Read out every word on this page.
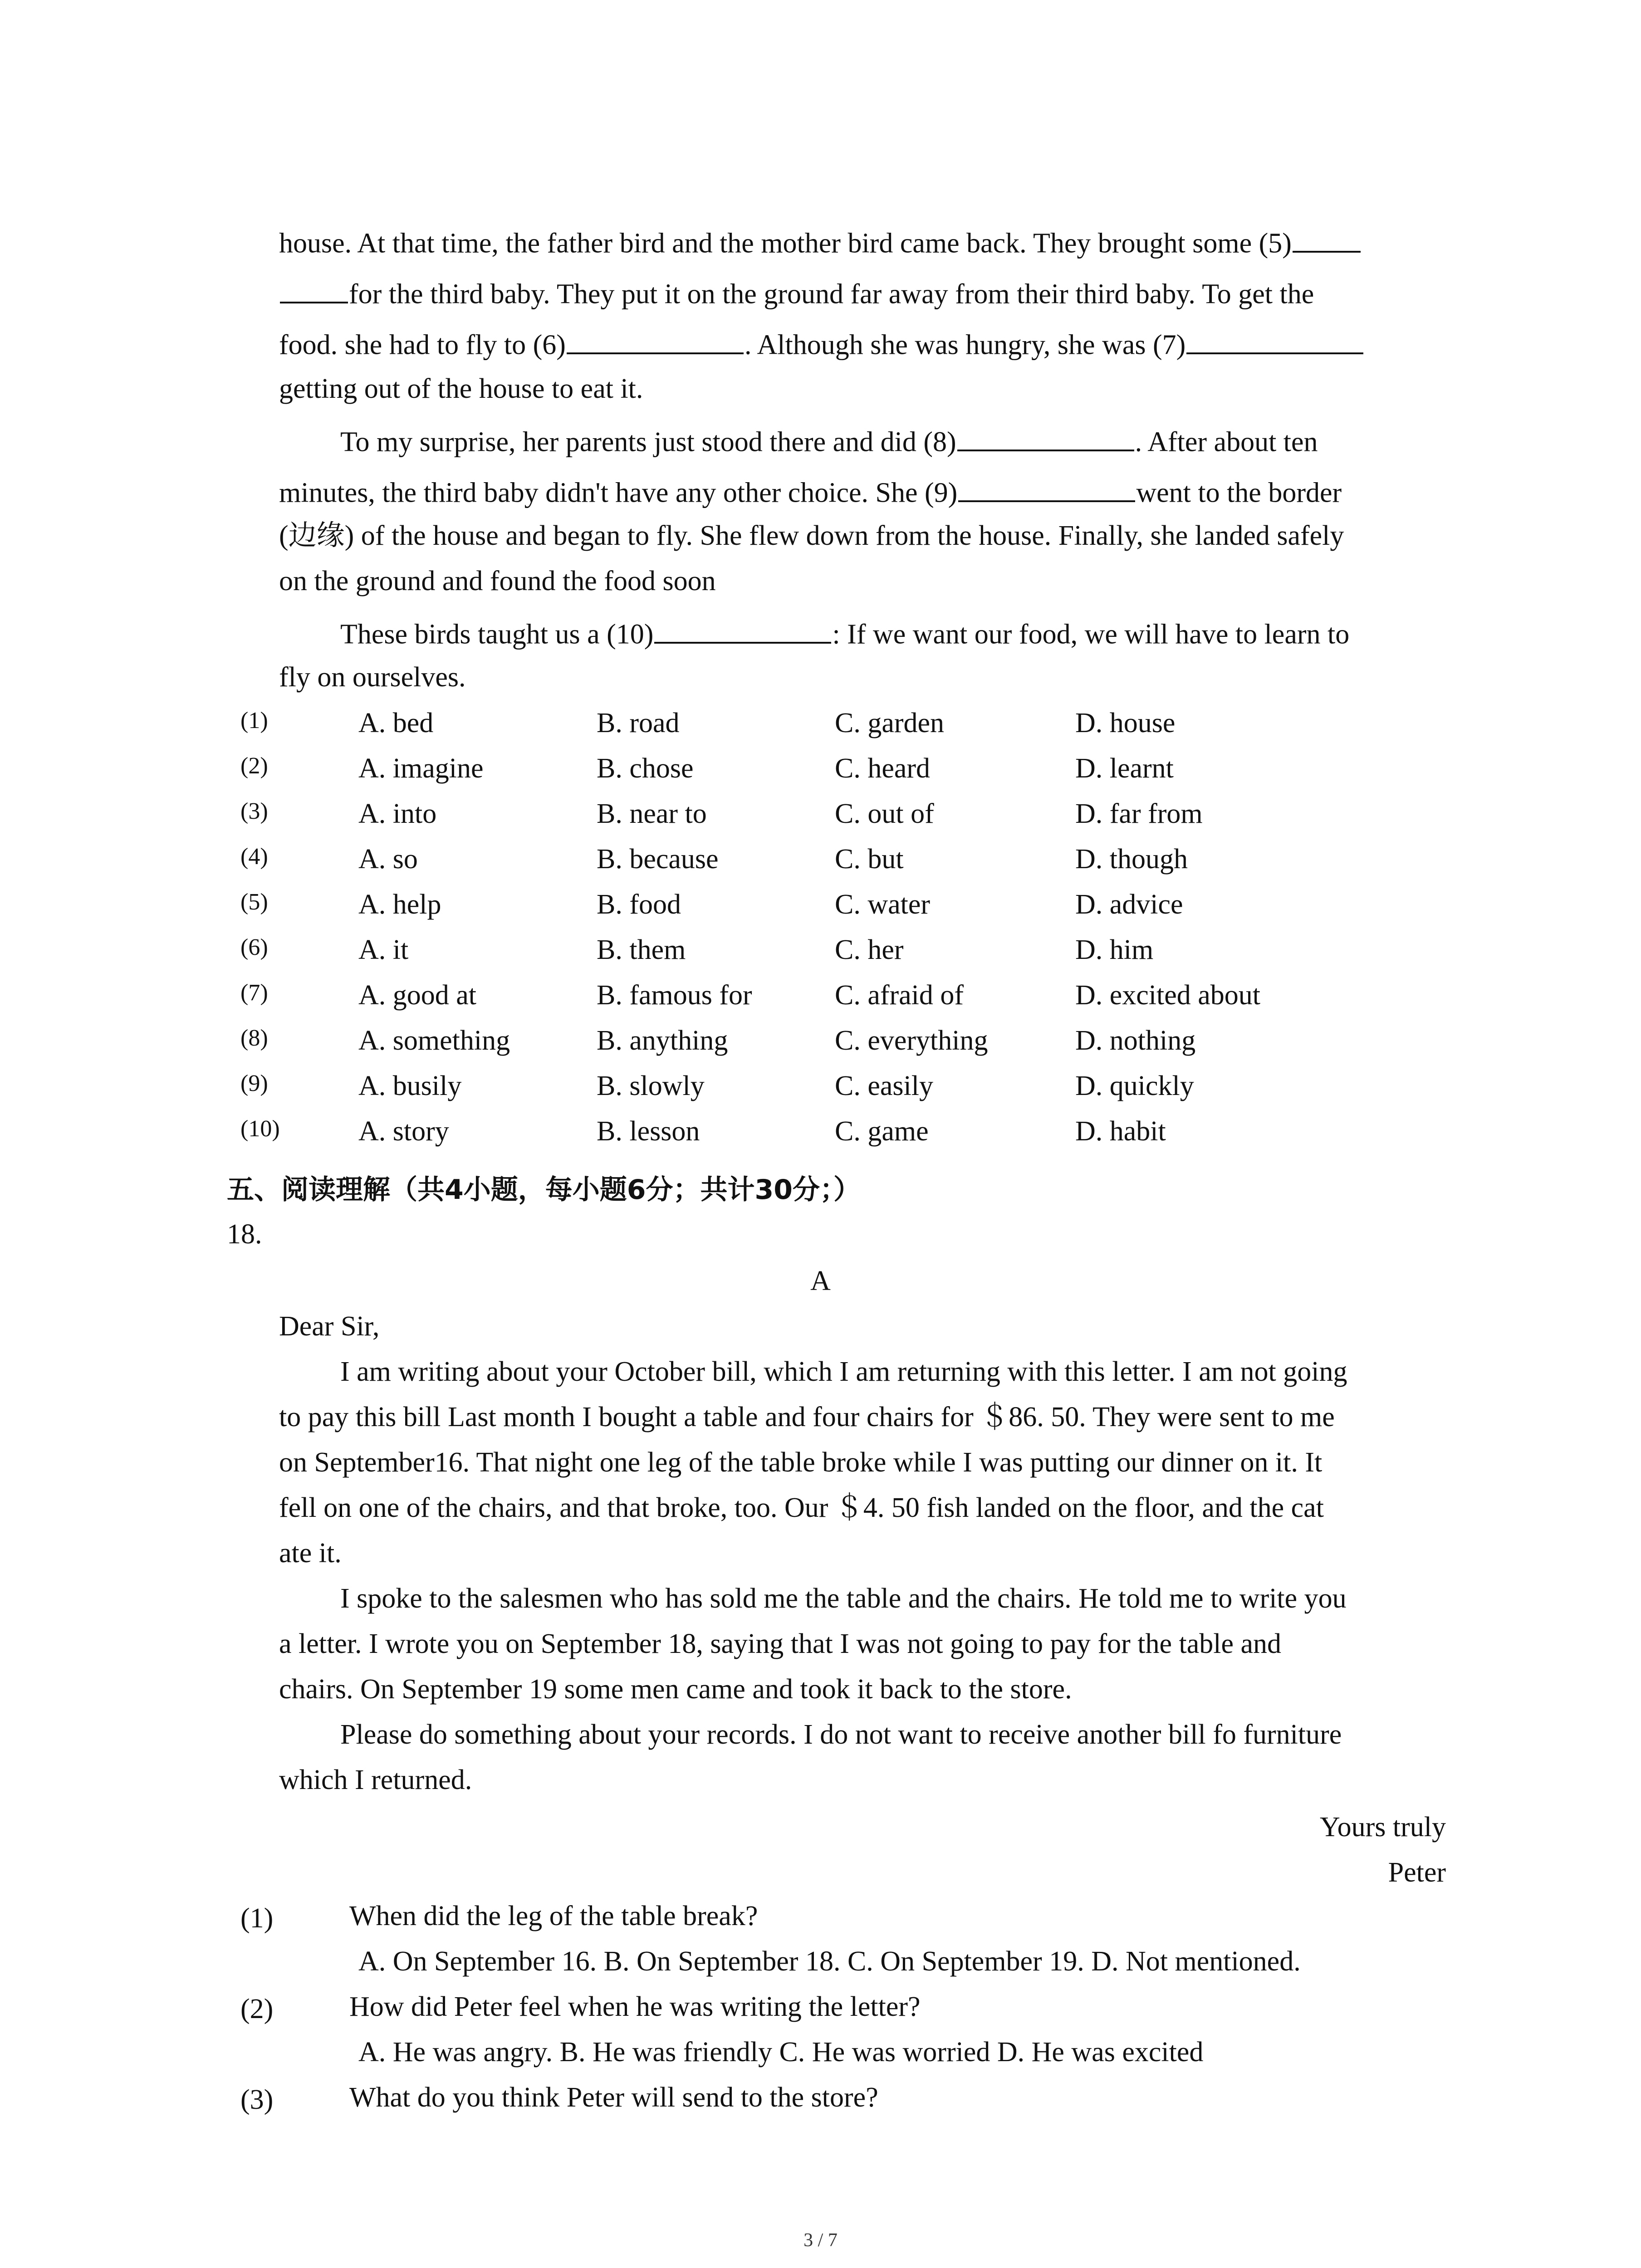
house. At that time, the father bird and the mother bird came back. They brought some (5)
for the third baby. They put it on the ground far away from their third baby. To get the
food. she had to fly to (6)	. Although she was hungry, she was (7)
getting out of the house to eat it.
To my surprise, her parents just stood there and did (8)	. After about ten
minutes, the third baby didn't have any other choice. She (9)	went to the border
(边缘) of the house and began to fly. She flew down from the house. Finally, she landed safely
on the ground and found the food soon
These birds taught us a (10)	: If we want our food, we will have to learn to
fly on ourselves.
(1)	A. bed	B. road	C. garden	D. house
(2)	A. imagine	B. chose	C. heard	D. learnt
(3)	A. into	B. near to	C. out of	D. far from
(4)	A. so	B. because	C. but	D. though
(5)	A. help	B. food	C. water	D. advice
(6)	A. it	B. them	C. her	D. him
(7)	A. good at	B. famous for	C. afraid of	D. excited about
(8)	A. something	B. anything	C. everything	D. nothing
(9)	A. busily	B. slowly	C. easily	D. quickly
(10)	A. story	B. lesson	C. game	D. habit
五、阅读理解（共4小题，每小题6分；共计30分；）
18.
A
Dear Sir,
I am writing about your October bill, which I am returning with this letter. I am not going
to pay this bill Last month I bought a table and four chairs for ＄86. 50. They were sent to me
on September16. That night one leg of the table broke while I was putting our dinner on it. It
fell on one of the chairs, and that broke, too. Our ＄4. 50 fish landed on the floor, and the cat
ate it.
I spoke to the salesmen who has sold me the table and the chairs. He told me to write you
a letter. I wrote you on September 18, saying that I was not going to pay for the table and
chairs. On September 19 some men came and took it back to the store.
Please do something about your records. I do not want to receive another bill fo furniture
which I returned.
Yours truly
Peter
(1)	When did the leg of the table break?
A. On September 16. B. On September 18. C. On September 19. D. Not mentioned.
(2)	How did Peter feel when he was writing the letter?
A. He was angry. B. He was friendly C. He was worried D. He was excited
(3)	What do you think Peter will send to the store?
3 / 7
